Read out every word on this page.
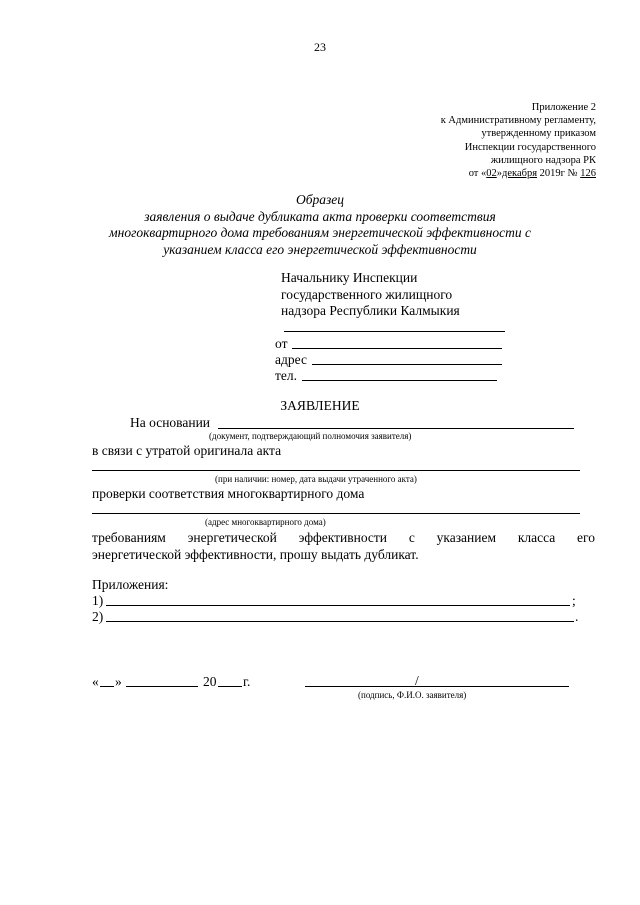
23
Приложение 2
к Административному регламенту,
утвержденному приказом
Инспекции государственного
жилищного надзора РК
от «02»декабря 2019г № 126
Образец
заявления о выдаче дубликата акта проверки соответствия
многоквартирного дома требованиям энергетической эффективности с
указанием класса его энергетической эффективности
Начальнику Инспекции
государственного жилищного
надзора Республики Калмыкия
от
адрес
тел.
ЗАЯВЛЕНИЕ
На основании
(документ, подтверждающий полномочия заявителя)
в связи с утратой оригинала акта
(при наличии: номер, дата выдачи утраченного акта)
проверки соответствия многоквартирного дома
(адрес многоквартирного дома)
требованиям энергетической эффективности с указанием класса его
энергетической эффективности, прошу выдать дубликат.
Приложения:
1)	;
2)	.
« »	20 г.	/
(подпись, Ф.И.О. заявителя)
